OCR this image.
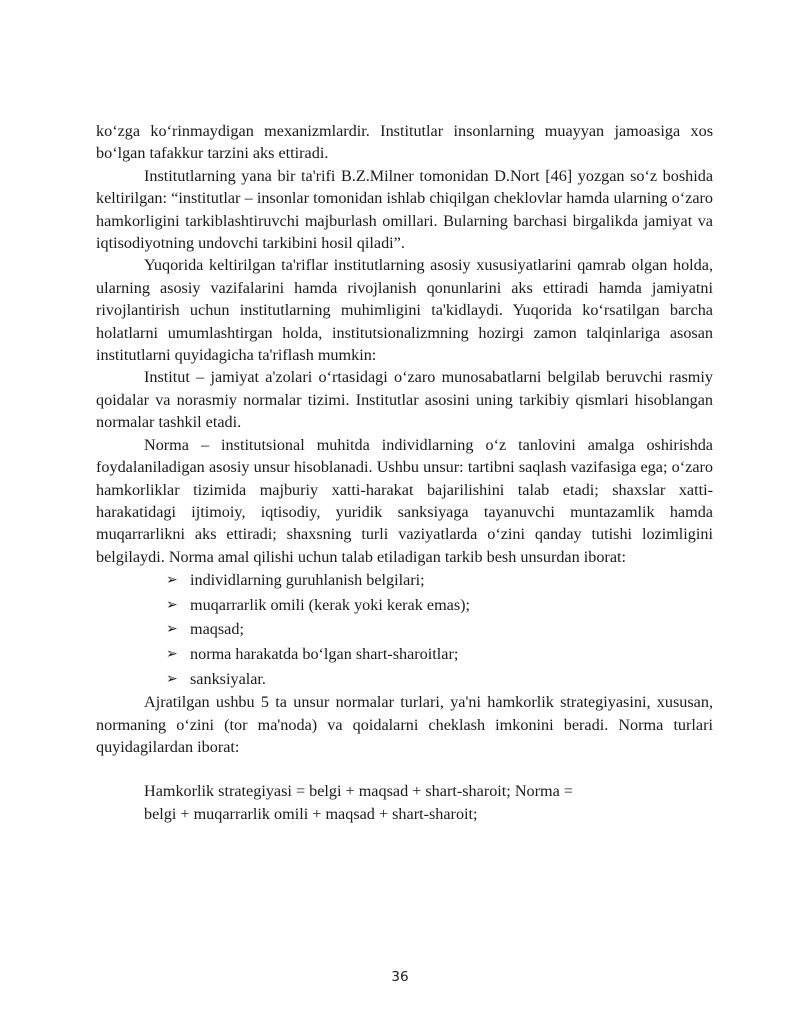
ko‘zga ko‘rinmaydigan mexanizmlardir. Institutlar insonlarning muayyan jamoasiga xos bo‘lgan tafakkur tarzini aks ettiradi.

Institutlarning yana bir ta'rifi B.Z.Milner tomonidan D.Nort [46] yozgan so‘z boshida keltirilgan: “institutlar – insonlar tomonidan ishlab chiqilgan cheklovlar hamda ularning o‘zaro hamkorligini tarkiblashtiruvchi majburlash omillari. Bularning barchasi birgalikda jamiyat va iqtisodiyotning undovchi tarkibini hosil qiladi”.

Yuqorida keltirilgan ta'riflar institutlarning asosiy xususiyatlarini qamrab olgan holda, ularning asosiy vazifalarini hamda rivojlanish qonunlarini aks ettiradi hamda jamiyatni rivojlantirish uchun institutlarning muhimligini ta'kidlaydi. Yuqorida ko‘rsatilgan barcha holatlarni umumlashtirgan holda, institutsionalizmning hozirgi zamon talqinlariga asosan institutlarni quyidagicha ta'riflash mumkin:

Institut – jamiyat a'zolari o‘rtasidagi o‘zaro munosabatlarni belgilab beruvchi rasmiy qoidalar va norasmiy normalar tizimi. Institutlar asosini uning tarkibiy qismlari hisoblangan normalar tashkil etadi.

Norma – institutsional muhitda individlarning o‘z tanlovini amalga oshirishda foydalaniladigan asosiy unsur hisoblanadi. Ushbu unsur: tartibni saqlash vazifasiga ega; o‘zaro hamkorliklar tizimida majburiy xatti-harakat bajarilishini talab etadi; shaxslar xatti-harakatidagi ijtimoiy, iqtisodiy, yuridik sanksiyaga tayanuvchi muntazamlik hamda muqarrarlikni aks ettiradi; shaxsning turli vaziyatlarda o‘zini qanday tutishi lozimligini belgilaydi. Norma amal qilishi uchun talab etiladigan tarkib besh unsurdan iborat:

➢ individlarning guruhlanish belgilari;
➢ muqarrarlik omili (kerak yoki kerak emas);
➢ maqsad;
➢ norma harakatda bo‘lgan shart-sharoitlar;
➢ sanksiyalar.

Ajratilgan ushbu 5 ta unsur normalar turlari, ya'ni hamkorlik strategiyasini, xususan, normaning o‘zini (tor ma'noda) va qoidalarni cheklash imkonini beradi. Norma turlari quyidagilardan iborat:

Hamkorlik strategiyasi = belgi + maqsad + shart-sharoit; Norma =
belgi + muqarrarlik omili + maqsad + shart-sharoit;
36
